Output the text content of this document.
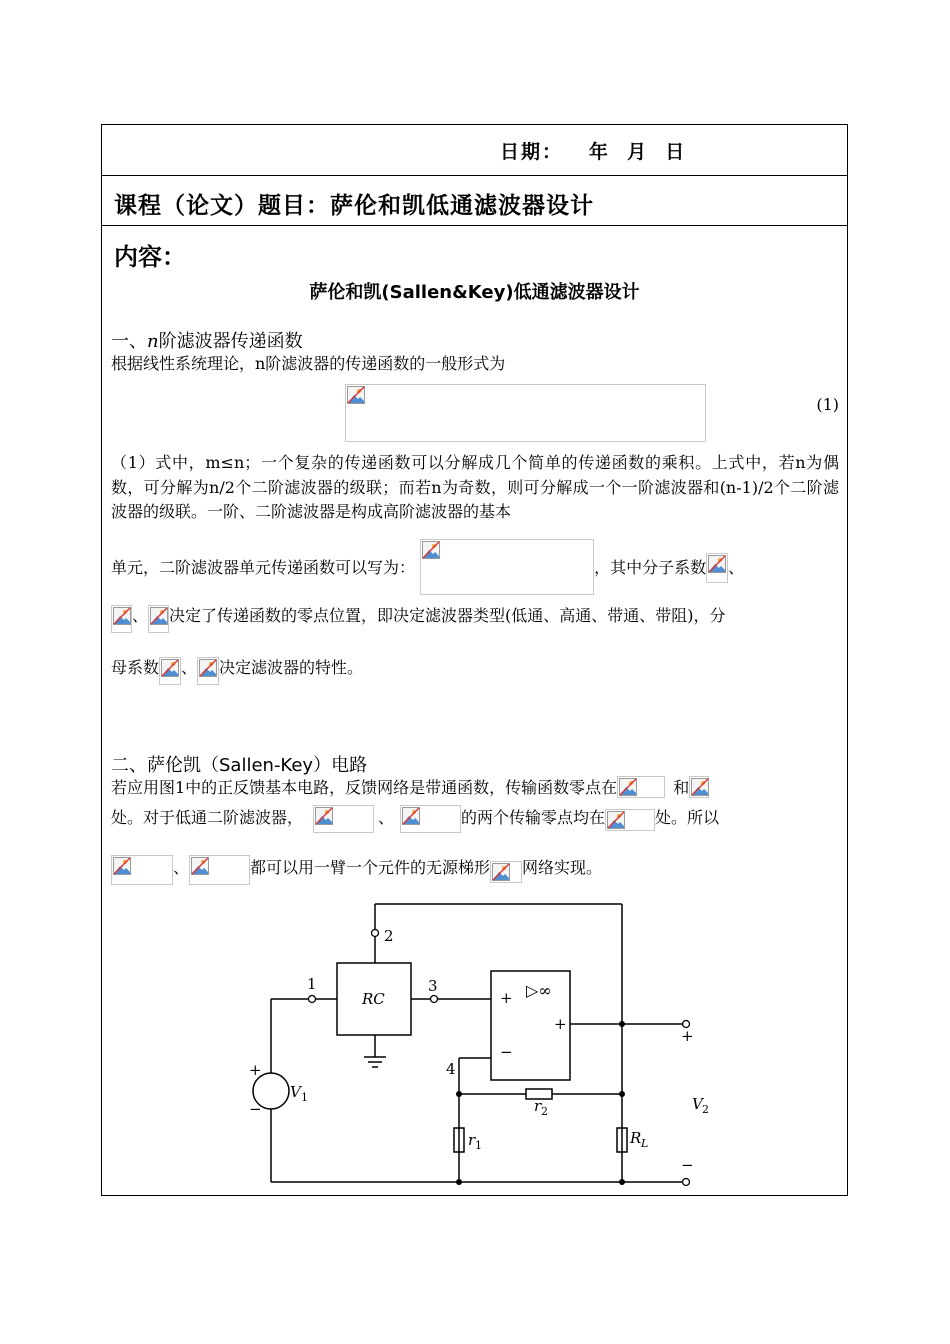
日期：   年  月  日
课程（论文）题目：萨伦和凯低通滤波器设计
内容：
萨伦和凯(Sallen&Key)低通滤波器设计
一、n阶滤波器传递函数
根据线性系统理论，n阶滤波器的传递函数的一般形式为
(1)
（1）式中，m≤n；一个复杂的传递函数可以分解成几个简单的传递函数的乘积。上式中，若n为偶数，可分解为n/2个二阶滤波器的级联；而若n为奇数，则可分解成一个一阶滤波器和(n-1)/2个二阶滤波器的级联。一阶、二阶滤波器是构成高阶滤波器的基本
单元，二阶滤波器单元传递函数可以写为：	，其中分子系数 、
、 决定了传递函数的零点位置，即决定滤波器类型(低通、高通、带通、带阻)，分
母系数 、 决定滤波器的特性。
二、萨伦凯（Sallen-Key）电路
若应用图1中的正反馈基本电路，反馈网络是带通函数，传输函数零点在	和
处。对于低通二阶滤波器，	、	的两个传输零点均在	处。所以
、	都可以用一臂一个元件的无源梯形 网络实现。
2
1	3
4
RC	▷∞
+
−
+
+
−
V 1
+
−
V 2
r 2
r 1	R L
